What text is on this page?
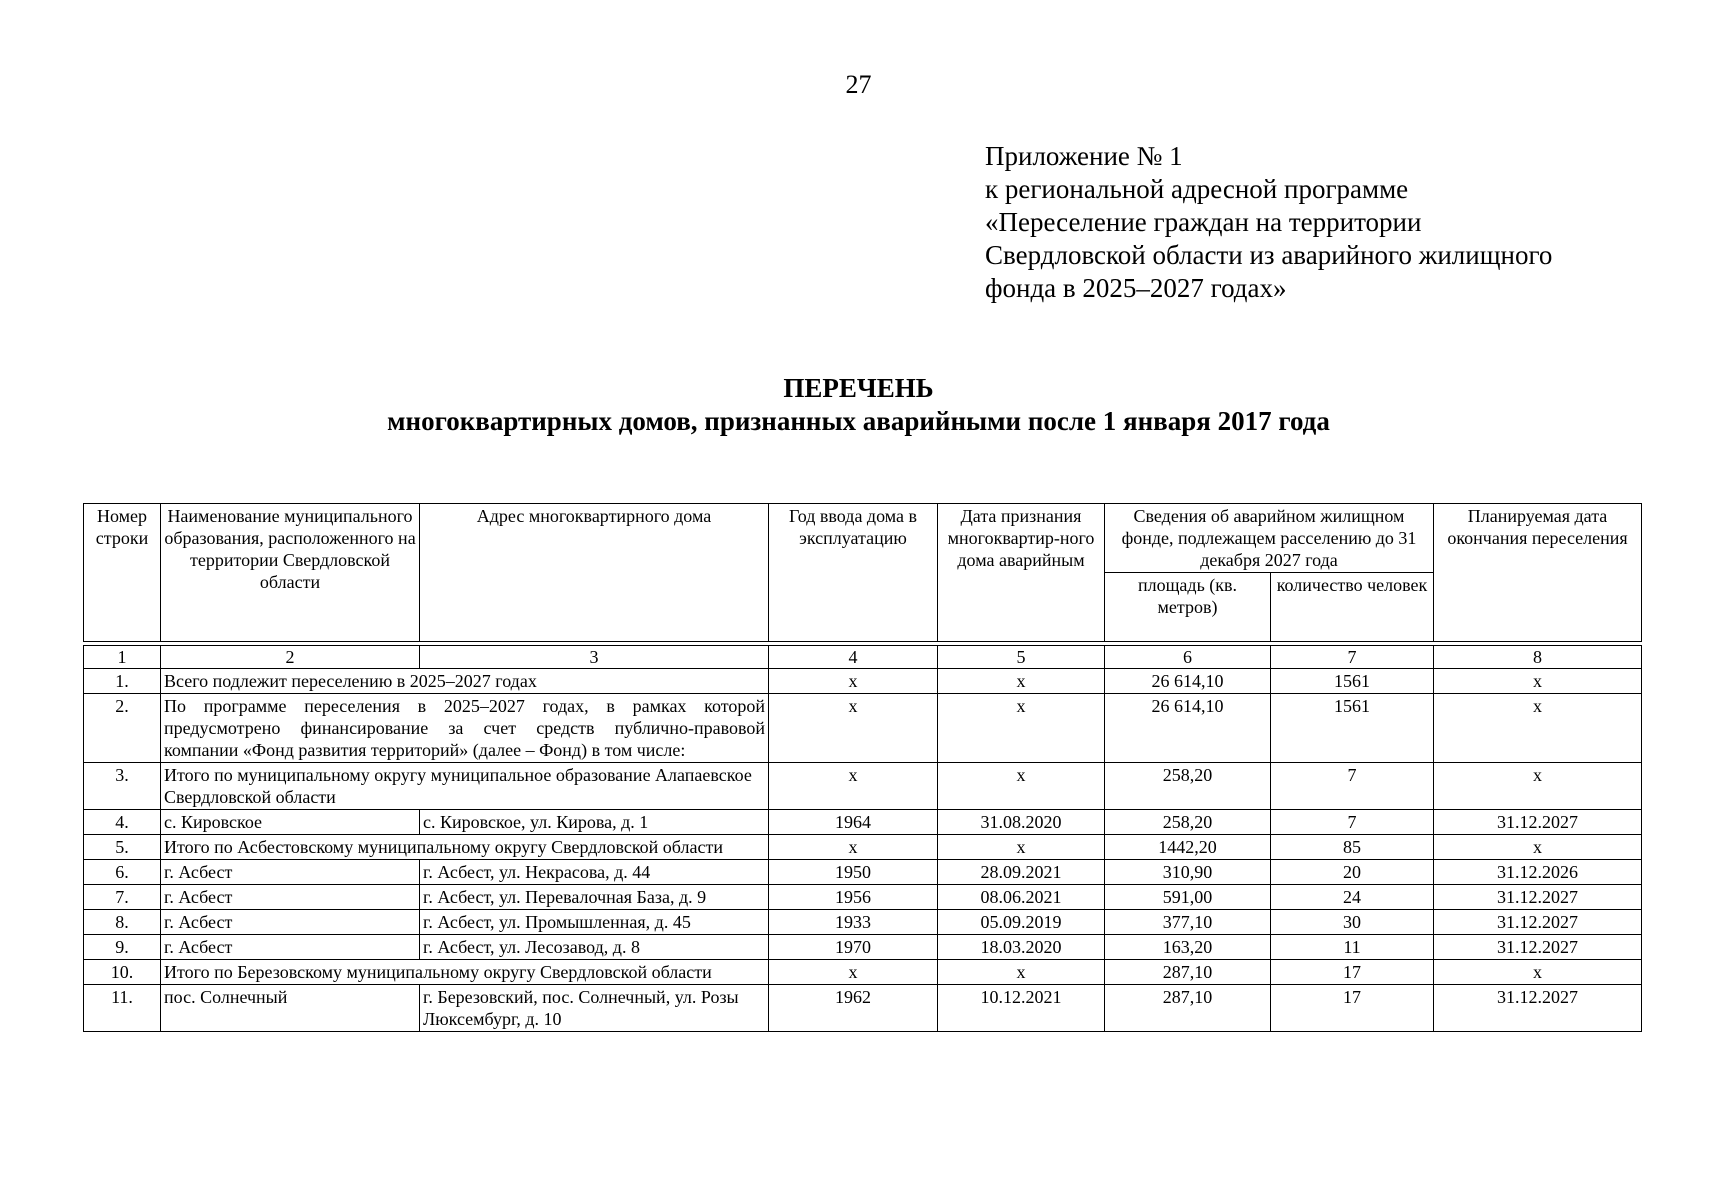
27
Приложение № 1
к региональной адресной программе
«Переселение граждан на территории
Свердловской области из аварийного жилищного
фонда в 2025–2027 годах»
ПЕРЕЧЕНЬ
многоквартирных домов, признанных аварийными после 1 января 2017 года
Номер строки	Наименование муниципального образования, расположенного на территории Свердловской области	Адрес многоквартирного дома	Год ввода дома в эксплуатацию	Дата признания многоквартир-ного дома аварийным	Сведения об аварийном жилищном фонде, подлежащем расселению до 31 декабря 2027 года		Планируемая дата окончания переселения
					площадь (кв. метров)	количество человек	

1	2	3	4	5	6	7	8
1.	Всего подлежит переселению в 2025–2027 годах		x	x	26 614,10	1561	x
2.	По программе переселения в 2025–2027 годах, в рамках которой предусмотрено финансирование за счет средств публично-правовой компании «Фонд развития территорий» (далее – Фонд) в том числе:		x	x	26 614,10	1561	x
3.	Итого по муниципальному округу муниципальное образование Алапаевское Свердловской области		x	x	258,20	7	x
4.	с. Кировское	с. Кировское, ул. Кирова, д. 1	1964	31.08.2020	258,20	7	31.12.2027
5.	Итого по Асбестовскому муниципальному округу Свердловской области		x	x	1442,20	85	x
6.	г. Асбест	г. Асбест, ул. Некрасова, д. 44	1950	28.09.2021	310,90	20	31.12.2026
7.	г. Асбест	г. Асбест, ул. Перевалочная База, д. 9	1956	08.06.2021	591,00	24	31.12.2027
8.	г. Асбест	г. Асбест, ул. Промышленная, д. 45	1933	05.09.2019	377,10	30	31.12.2027
9.	г. Асбест	г. Асбест, ул. Лесозавод, д. 8	1970	18.03.2020	163,20	11	31.12.2027
10.	Итого по Березовскому муниципальному округу Свердловской области		x	x	287,10	17	x
11.	пос. Солнечный	г. Березовский, пос. Солнечный, ул. Розы Люксембург, д. 10	1962	10.12.2021	287,10	17	31.12.2027
